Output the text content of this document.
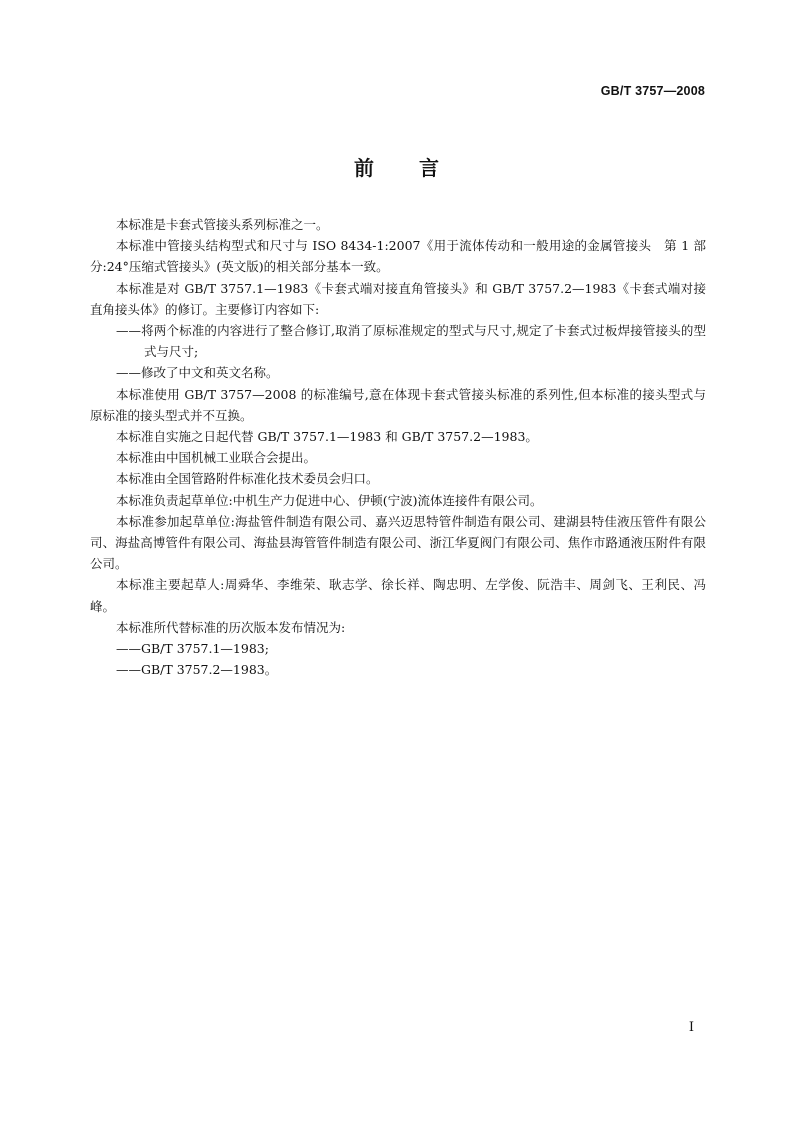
GB/T 3757—2008
前 言

本标准是卡套式管接头系列标准之一。

本标准中管接头结构型式和尺寸与 ISO 8434-1:2007《用于流体传动和一般用途的金属管接头　第 1 部分:24°压缩式管接头》(英文版)的相关部分基本一致。

本标准是对 GB/T 3757.1—1983《卡套式端对接直角管接头》和 GB/T 3757.2—1983《卡套式端对接直角接头体》的修订。主要修订内容如下:

——将两个标准的内容进行了整合修订,取消了原标准规定的型式与尺寸,规定了卡套式过板焊接管接头的型式与尺寸;

——修改了中文和英文名称。

本标准使用 GB/T 3757—2008 的标准编号,意在体现卡套式管接头标准的系列性,但本标准的接头型式与原标准的接头型式并不互换。

本标准自实施之日起代替 GB/T 3757.1—1983 和 GB/T 3757.2—1983。

本标准由中国机械工业联合会提出。

本标准由全国管路附件标准化技术委员会归口。

本标准负责起草单位:中机生产力促进中心、伊顿(宁波)流体连接件有限公司。

本标准参加起草单位:海盐管件制造有限公司、嘉兴迈思特管件制造有限公司、建湖县特佳液压管件有限公司、海盐高博管件有限公司、海盐县海管管件制造有限公司、浙江华夏阀门有限公司、焦作市路通液压附件有限公司。

本标准主要起草人:周舜华、李维荣、耿志学、徐长祥、陶忠明、左学俊、阮浩丰、周剑飞、王利民、冯峰。

本标准所代替标准的历次版本发布情况为:

——GB/T 3757.1—1983;

——GB/T 3757.2—1983。

I
